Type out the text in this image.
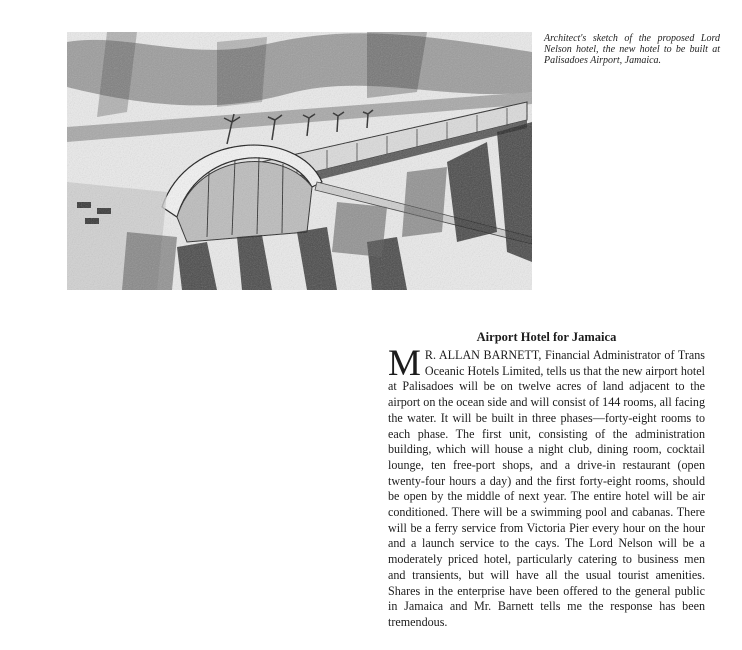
Architect's sketch of the proposed Lord Nelson hotel, the new hotel to be built at Palisadoes Airport, Jamaica.
Airport Hotel for Jamaica

M R. ALLAN BARNETT, Financial Administrator of Trans Oceanic Hotels Limited, tells us that the new airport hotel at Palisadoes will be on twelve acres of land adjacent to the airport on the ocean side and will consist of 144 rooms, all facing the water. It will be built in three phases—forty-eight rooms to each phase. The first unit, consisting of the administration building, which will house a night club, dining room, cocktail lounge, ten free-port shops, and a drive-in restaurant (open twenty-four hours a day) and the first forty-eight rooms, should be open by the middle of next year. The entire hotel will be air conditioned. There will be a swimming pool and cabanas. There will be a ferry service from Victoria Pier every hour on the hour and a launch service to the cays. The Lord Nelson will be a moderately priced hotel, particularly catering to business men and transients, but will have all the usual tourist amenities. Shares in the enterprise have been offered to the general public in Jamaica and Mr. Barnett tells me the response has been tremendous.
